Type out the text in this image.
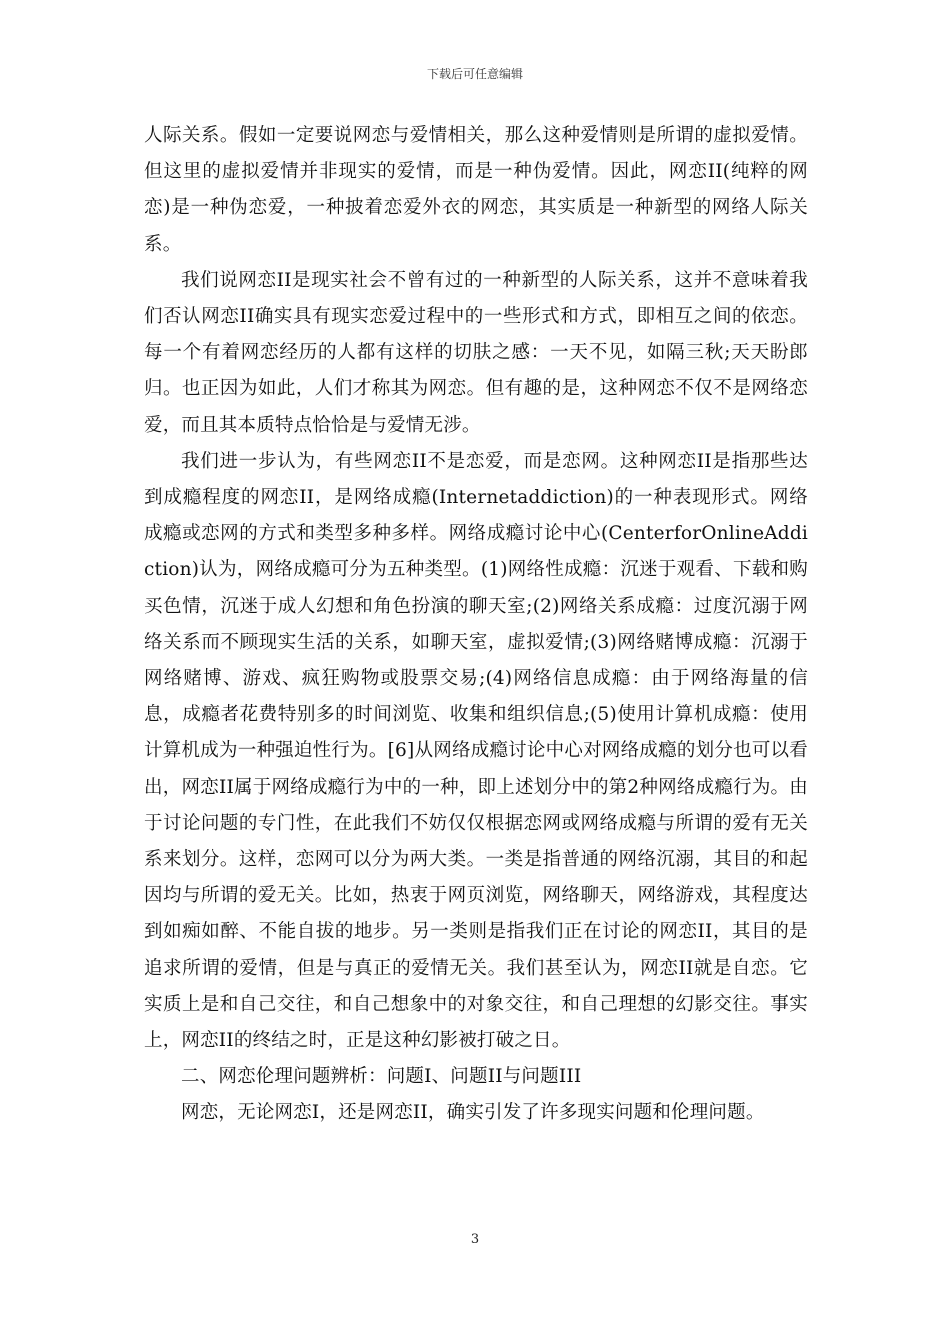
下载后可任意编辑

人际关系。假如一定要说网恋与爱情相关，那么这种爱情则是所谓的虚拟爱情。但这里的虚拟爱情并非现实的爱情，而是一种伪爱情。因此，网恋II(纯粹的网恋)是一种伪恋爱，一种披着恋爱外衣的网恋，其实质是一种新型的网络人际关系。

我们说网恋II是现实社会不曾有过的一种新型的人际关系，这并不意味着我们否认网恋II确实具有现实恋爱过程中的一些形式和方式，即相互之间的依恋。每一个有着网恋经历的人都有这样的切肤之感：一天不见，如隔三秋;天天盼郎归。也正因为如此，人们才称其为网恋。但有趣的是，这种网恋不仅不是网络恋爱，而且其本质特点恰恰是与爱情无涉。

我们进一步认为，有些网恋II不是恋爱，而是恋网。这种网恋II是指那些达到成瘾程度的网恋II，是网络成瘾(Internetaddiction)的一种表现形式。网络成瘾或恋网的方式和类型多种多样。网络成瘾讨论中心(CenterforOnlineAddiction)认为，网络成瘾可分为五种类型。(1)网络性成瘾：沉迷于观看、下载和购买色情，沉迷于成人幻想和角色扮演的聊天室;(2)网络关系成瘾：过度沉溺于网络关系而不顾现实生活的关系，如聊天室，虚拟爱情;(3)网络赌博成瘾：沉溺于网络赌博、游戏、疯狂购物或股票交易;(4)网络信息成瘾：由于网络海量的信息，成瘾者花费特别多的时间浏览、收集和组织信息;(5)使用计算机成瘾：使用计算机成为一种强迫性行为。[6]从网络成瘾讨论中心对网络成瘾的划分也可以看出，网恋II属于网络成瘾行为中的一种，即上述划分中的第2种网络成瘾行为。由于讨论问题的专门性，在此我们不妨仅仅根据恋网或网络成瘾与所谓的爱有无关系来划分。这样，恋网可以分为两大类。一类是指普通的网络沉溺，其目的和起因均与所谓的爱无关。比如，热衷于网页浏览，网络聊天，网络游戏，其程度达到如痴如醉、不能自拔的地步。另一类则是指我们正在讨论的网恋II，其目的是追求所谓的爱情，但是与真正的爱情无关。我们甚至认为，网恋II就是自恋。它实质上是和自己交往，和自己想象中的对象交往，和自己理想的幻影交往。事实上，网恋II的终结之时，正是这种幻影被打破之日。

二、网恋伦理问题辨析：问题I、问题II与问题III

网恋，无论网恋I，还是网恋II，确实引发了许多现实问题和伦理问题。

3
